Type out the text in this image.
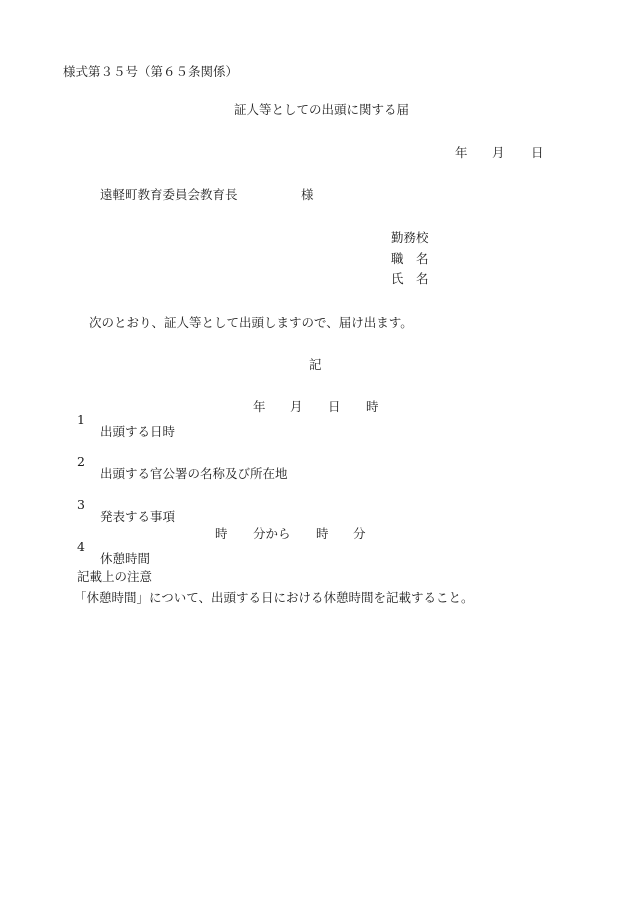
様式第３５号（第６５条関係）
証人等としての出頭に関する届
年 月 日
遠軽町教育委員会教育長	様
勤務校
職 名
氏 名
次のとおり、証人等として出頭しますので、届け出ます。
記

1

出頭する日時

年 月 日 時

2

出頭する官公署の名称及び所在地

3

発表する事項

4

休憩時間

時 分から 時 分
記載上の注意
「休憩時間」について、出頭する日における休憩時間を記載すること。
